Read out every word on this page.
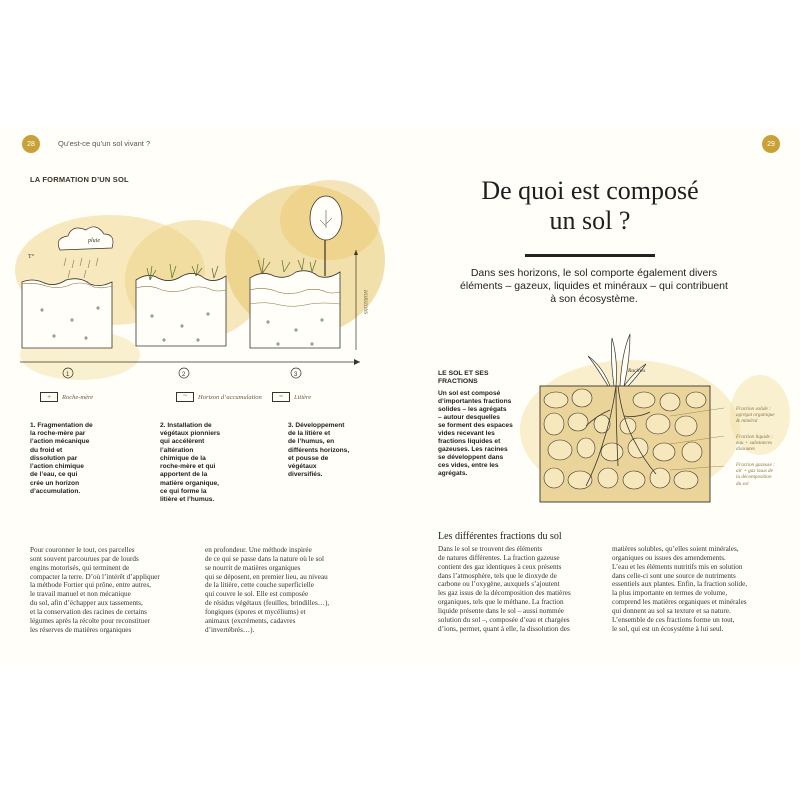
28	Qu’est-ce qu’un sol vivant ?
LA FORMATION D’UN SOL
pluie
T°
HORIZONS
1	2	3
+	Roche-mère	~	Horizon d’accumulation	≈	Litière
1. Fragmentation de
la roche-mère par
l’action mécanique
du froid et
dissolution par
l’action chimique
de l’eau, ce qui
crée un horizon
d’accumulation.
2. Installation de
végétaux pionniers
qui accélèrent
l’altération
chimique de la
roche-mère et qui
apportent de la
matière organique,
ce qui forme la
litière et l’humus.
3. Développement
de la litière et
de l’humus, en
différents horizons,
et pousse de
végétaux
diversifiés.
Pour couronner le tout, ces parcelles
sont souvent parcourues par de lourds
engins motorisés, qui terminent de
compacter la terre. D’où l’intérêt d’appliquer
la méthode Fortier qui prône, entre autres,
le travail manuel et non mécanique
du sol, afin d’échapper aux tassements,
et la conservation des racines de certains
légumes après la récolte pour reconstituer
les réserves de matières organiques
en profondeur. Une méthode inspirée
de ce qui se passe dans la nature où le sol
se nourrit de matières organiques
qui se déposent, en premier lieu, au niveau
de la litière, cette couche superficielle
qui couvre le sol. Elle est composée
de résidus végétaux (feuilles, brindilles…),
fongiques (spores et mycéliums) et
animaux (excréments, cadavres
d’invertébrés…).
29
De quoi est composé
un sol ?
Dans ses horizons, le sol comporte également divers
éléments – gazeux, liquides et minéraux – qui contribuent
à son écosystème.
Racines
Fraction solide :
agrégat organique
& minéral
Fraction liquide :
eau + substances
dissoutes
Fraction gazeuse :
air + gaz issus de
la décomposition
du sol
LE SOL ET SES
FRACTIONS
Un sol est composé
d’importantes fractions
solides – les agrégats
– autour desquelles
se forment des espaces
vides recevant les
fractions liquides et
gazeuses. Les racines
se développent dans
ces vides, entre les
agrégats.
Les différentes fractions du sol
Dans le sol se trouvent des éléments
de natures différentes. La fraction gazeuse
contient des gaz identiques à ceux présents
dans l’atmosphère, tels que le dioxyde de
carbone ou l’oxygène, auxquels s’ajoutent
les gaz issus de la décomposition des matières
organiques, tels que le méthane. La fraction
liquide présente dans le sol – aussi nommée
solution du sol –, composée d’eau et chargées
d’ions, permet, quant à elle, la dissolution des
matières solubles, qu’elles soient minérales,
organiques ou issues des amendements.
L’eau et les éléments nutritifs mis en solution
dans celle-ci sont une source de nutriments
essentiels aux plantes. Enfin, la fraction solide,
la plus importante en termes de volume,
comprend les matières organiques et minérales
qui donnent au sol sa texture et sa nature.
L’ensemble de ces fractions forme un tout,
le sol, qui est un écosystème à lui seul.
